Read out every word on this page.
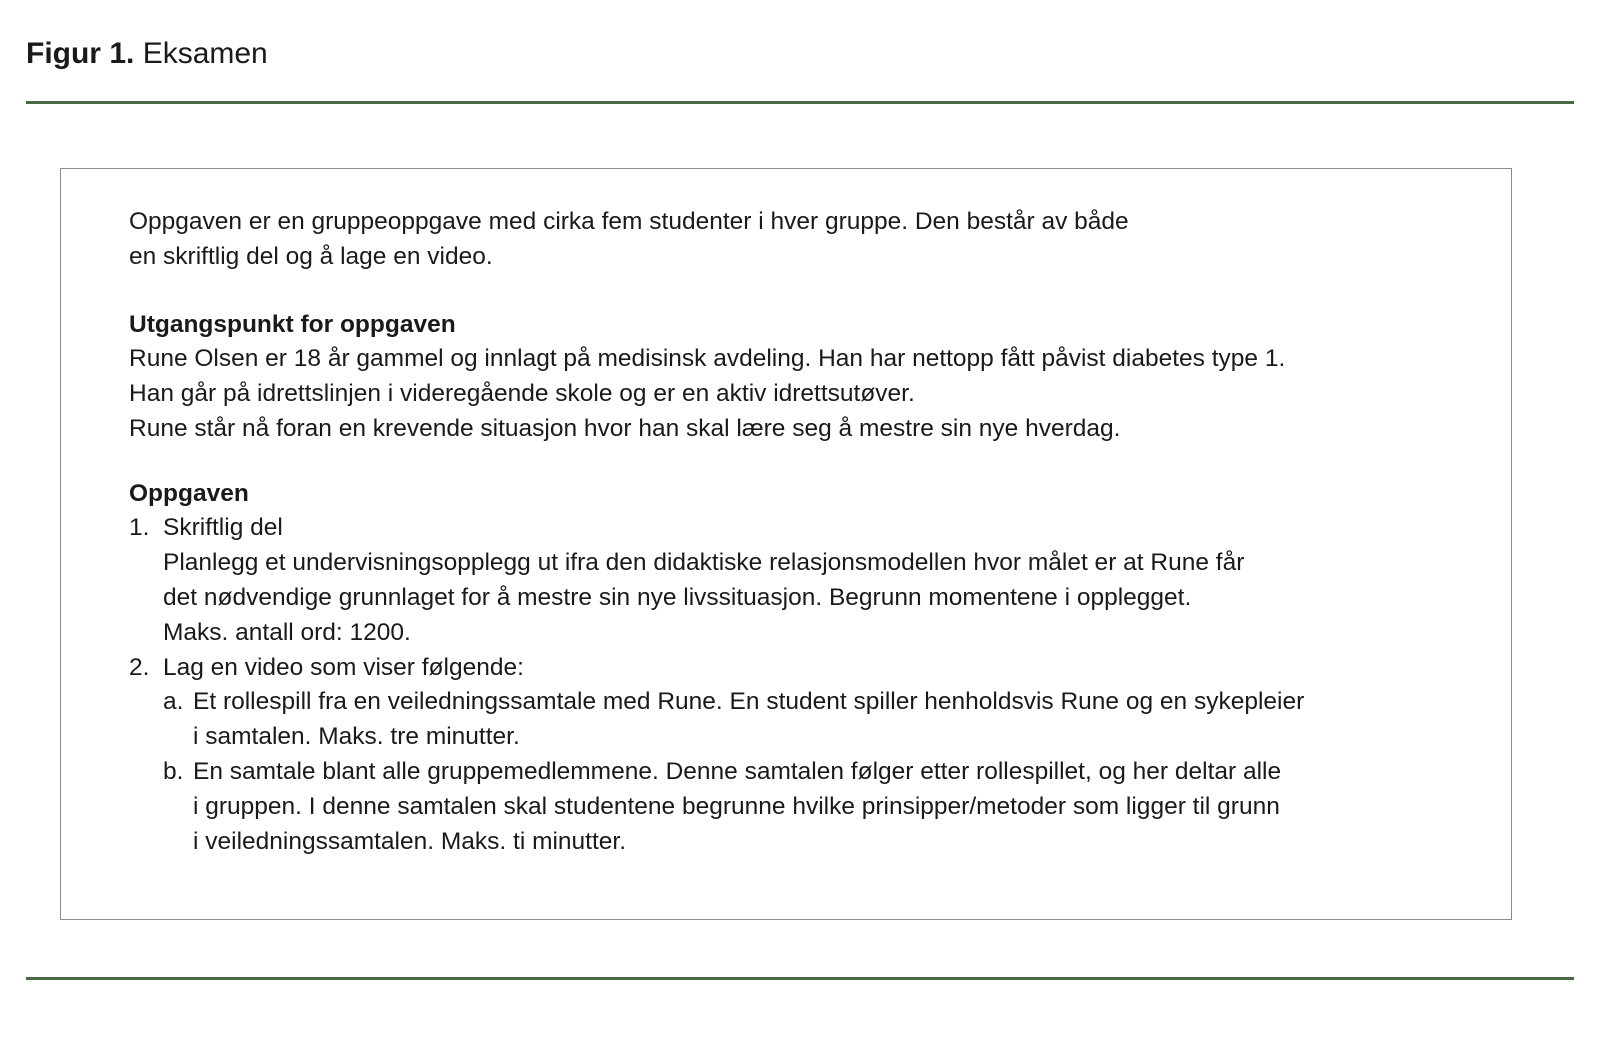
Figur 1. Eksamen

Oppgaven er en gruppeoppgave med cirka fem studenter i hver gruppe. Den består av både
en skriftlig del og å lage en video.

Utgangspunkt for oppgaven

Rune Olsen er 18 år gammel og innlagt på medisinsk avdeling. Han har nettopp fått påvist diabetes type 1.
Han går på idrettslinjen i videregående skole og er en aktiv idrettsutøver.
Rune står nå foran en krevende situasjon hvor han skal lære seg å mestre sin nye hverdag.

Oppgaven

1. Skriftlig del
Planlegg et undervisningsopplegg ut ifra den didaktiske relasjonsmodellen hvor målet er at Rune får
det nødvendige grunnlaget for å mestre sin nye livssituasjon. Begrunn momentene i opplegget.
Maks. antall ord: 1200.
2. Lag en video som viser følgende:
a. Et rollespill fra en veiledningssamtale med Rune. En student spiller henholdsvis Rune og en sykepleier
i samtalen. Maks. tre minutter.
b. En samtale blant alle gruppemedlemmene. Denne samtalen følger etter rollespillet, og her deltar alle
i gruppen. I denne samtalen skal studentene begrunne hvilke prinsipper/metoder som ligger til grunn
i veiledningssamtalen. Maks. ti minutter.
